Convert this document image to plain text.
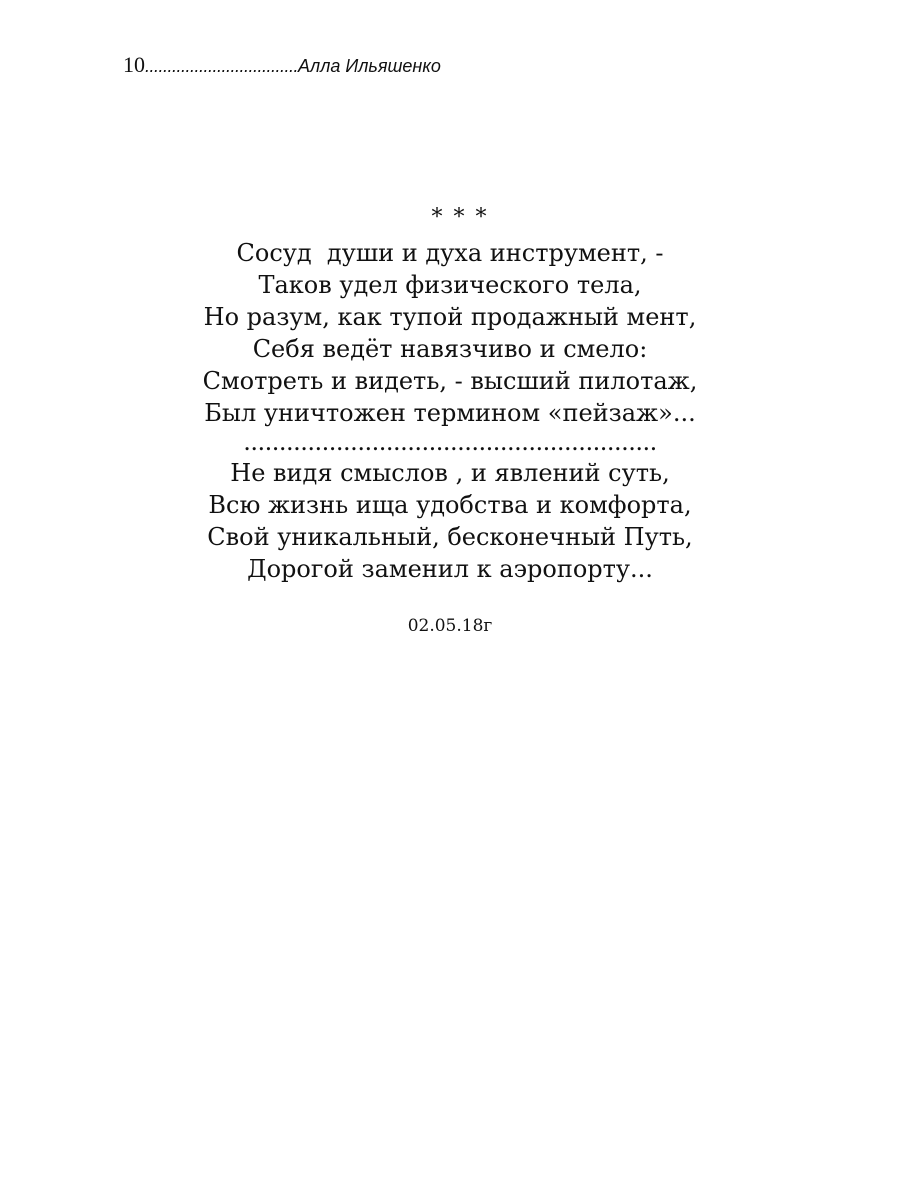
10..................................Алла Ильяшенко
* * *
Сосуд  души и духа инструмент, -
Таков удел физического тела,
Но разум, как тупой продажный мент,
Себя ведёт навязчиво и смело:
Смотреть и видеть, - высший пилотаж,
Был уничтожен термином «пейзаж»...
..........................................................
Не видя смыслов , и явлений суть,
Всю жизнь ища удобства и комфорта,
Свой уникальный, бесконечный Путь,
Дорогой заменил к аэропорту...
02.05.18г
